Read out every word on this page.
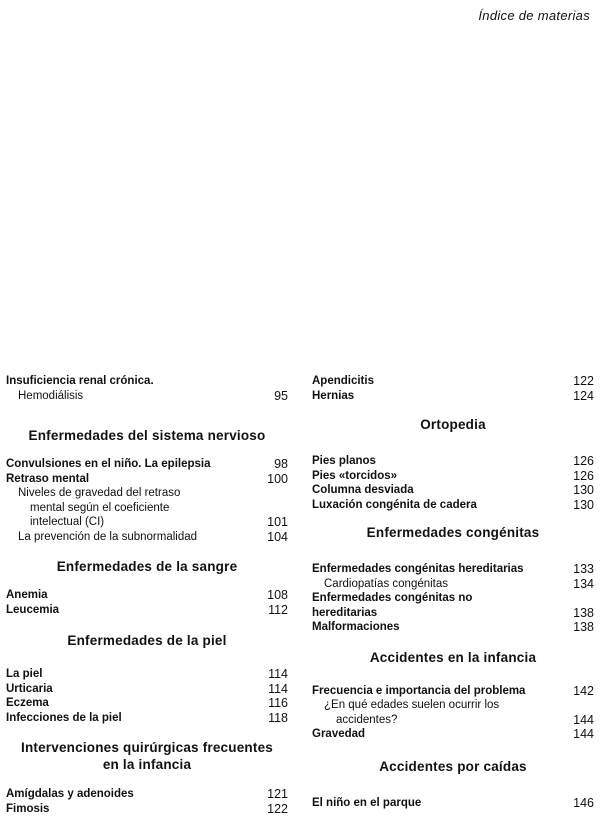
Índice de materias
Insuficiencia renal crónica.
Hemodiálisis	95
Enfermedades del sistema nervioso
Convulsiones en el niño. La epilepsia	98
Retraso mental	100
Niveles de gravedad del retraso
mental según el coeficiente
intelectual (CI)	101
La prevención de la subnormalidad	104
Enfermedades de la sangre
Anemia	108
Leucemia	112
Enfermedades de la piel
La piel	114
Urticaria	114
Eczema	116
Infecciones de la piel	118
Intervenciones quirúrgicas frecuentes
en la infancia
Amígdalas y adenoides	121
Fimosis	122
Apendicitis	122
Hernias	124
Ortopedia
Pies planos	126
Pies «torcidos»	126
Columna desviada	130
Luxación congénita de cadera	130
Enfermedades congénitas
Enfermedades congénitas hereditarias	133
Cardiopatías congénitas	134
Enfermedades congénitas no
hereditarias	138
Malformaciones	138
Accidentes en la infancia
Frecuencia e importancia del problema	142
¿En qué edades suelen ocurrir los
accidentes?	144
Gravedad	144
Accidentes por caídas
El niño en el parque	146
